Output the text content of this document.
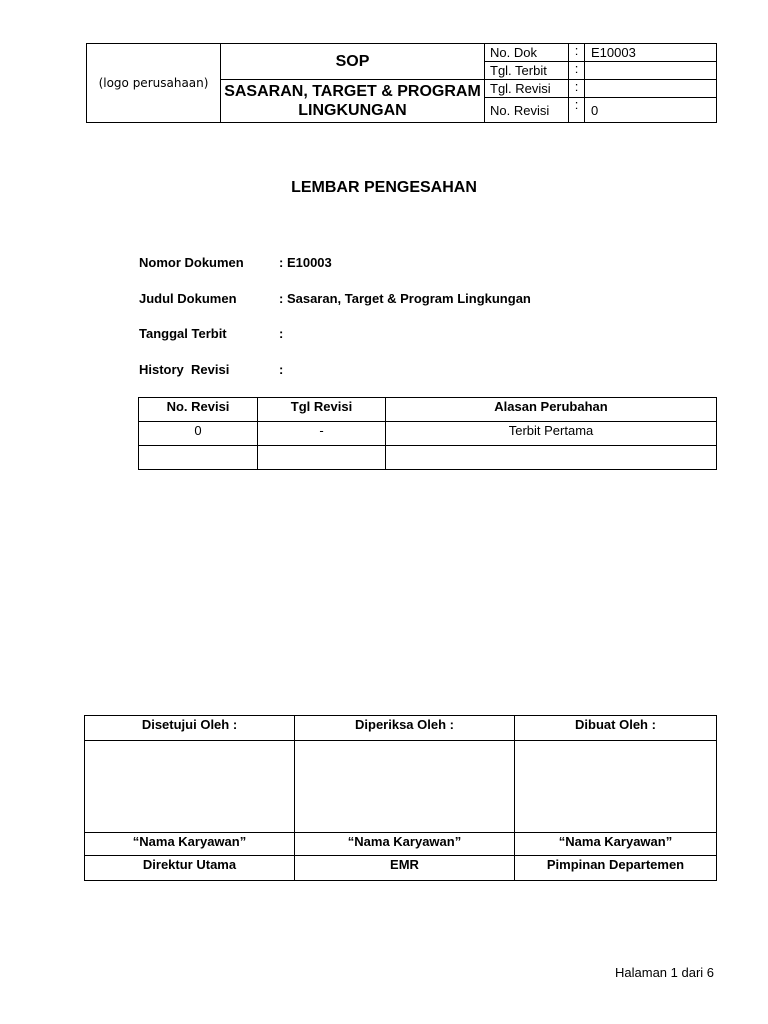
(logo perusahaan)	SOP	No. Dok	:	E10003
		Tgl. Terbit	:	
	SASARAN, TARGET & PROGRAM LINGKUNGAN	Tgl. Revisi	:	
		No. Revisi	:	0
LEMBAR PENGESAHAN
Nomor Dokumen	: E10003
Judul Dokumen	: Sasaran, Target & Program Lingkungan
Tanggal Terbit	:
History  Revisi	:
No. Revisi	Tgl Revisi	Alasan Perubahan
0	-	Terbit Pertama

Disetujui Oleh :	Diperiksa Oleh :	Dibuat Oleh :

“Nama Karyawan”	“Nama Karyawan”	“Nama Karyawan”
Direktur Utama	EMR	Pimpinan Departemen
Halaman 1 dari 6
